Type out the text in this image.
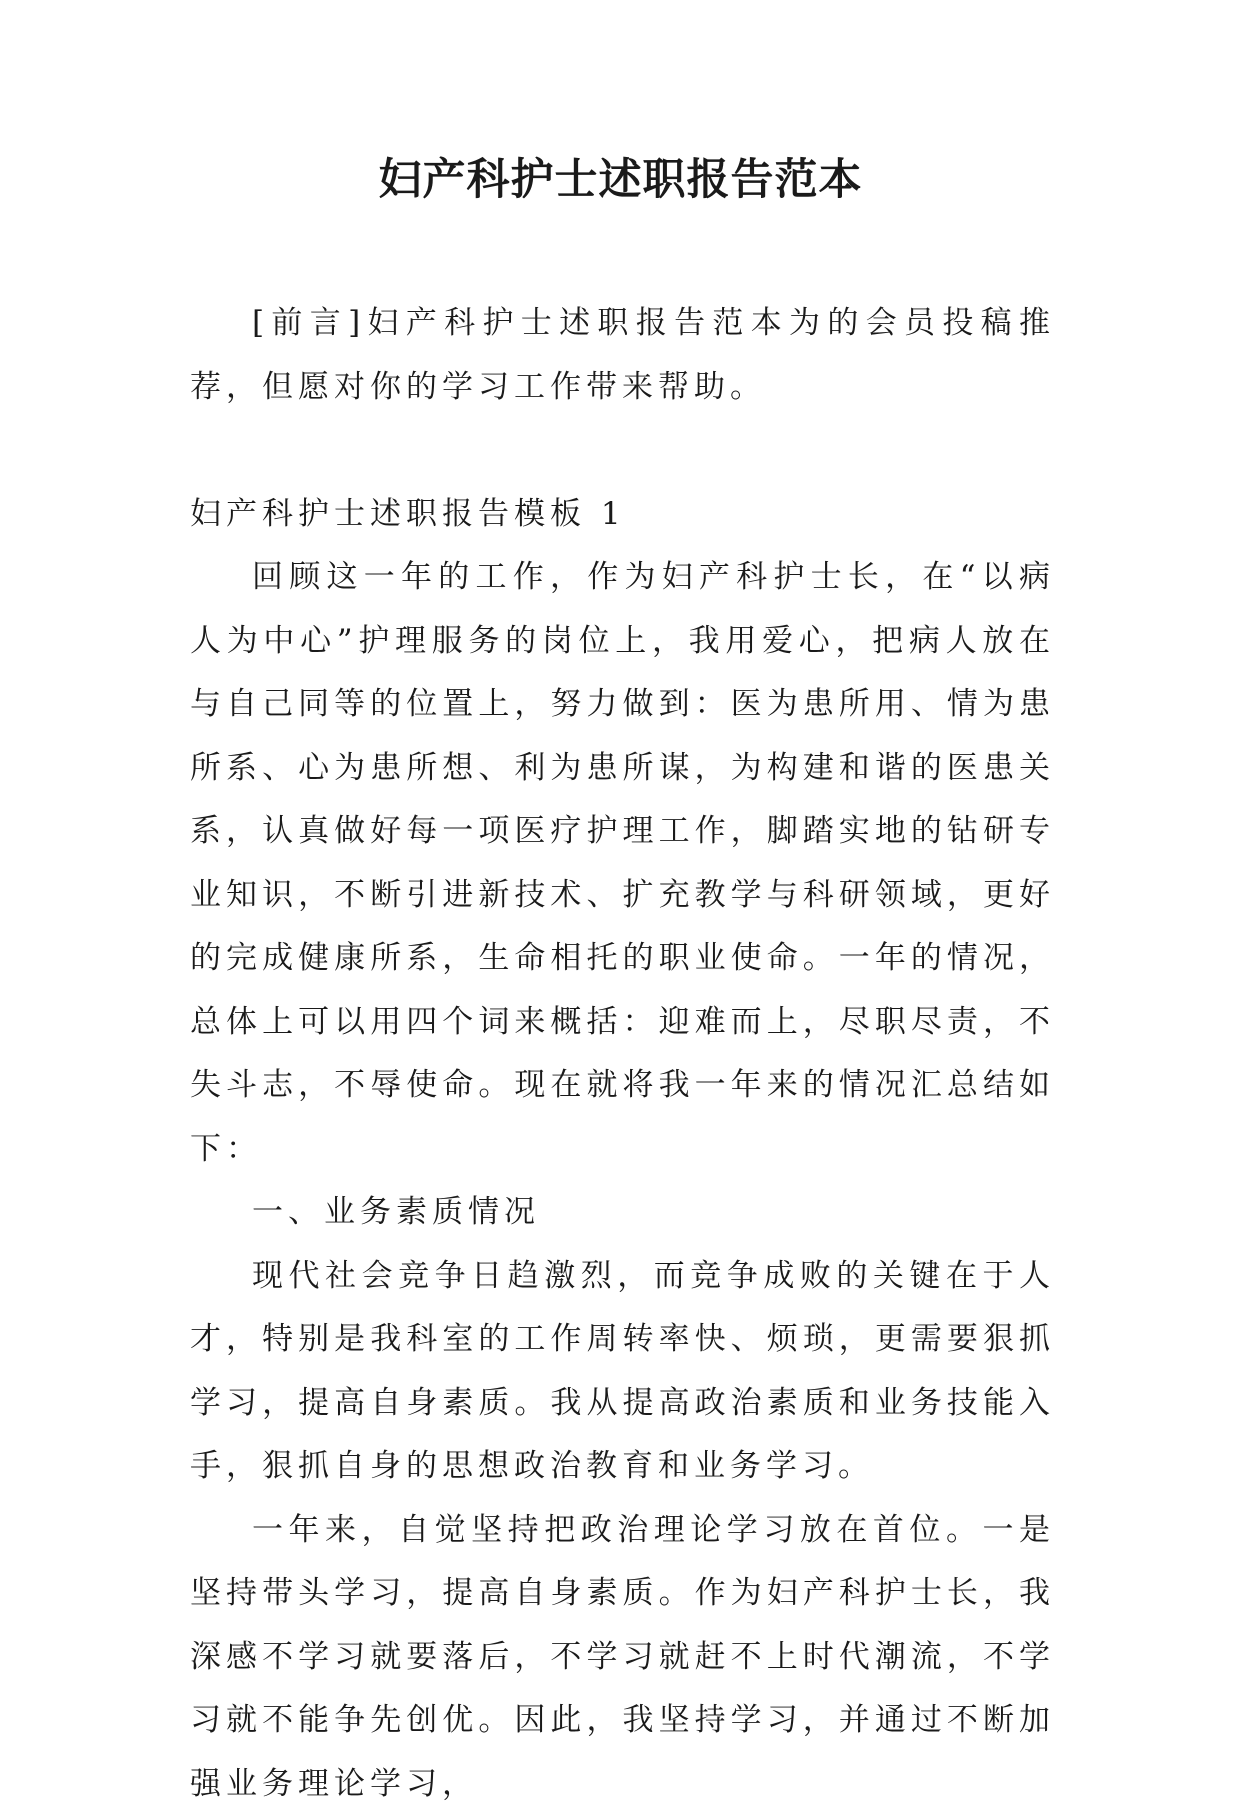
妇产科护士述职报告范本

[前言]妇产科护士述职报告范本为的会员投稿推荐，但愿对你的学习工作带来帮助。

妇产科护士述职报告模板 1

回顾这一年的工作，作为妇产科护士长，在“以病人为中心”护理服务的岗位上，我用爱心，把病人放在与自己同等的位置上，努力做到：医为患所用、情为患所系、心为患所想、利为患所谋，为构建和谐的医患关系，认真做好每一项医疗护理工作，脚踏实地的钻研专业知识，不断引进新技术、扩充教学与科研领域，更好的完成健康所系，生命相托的职业使命。一年的情况，总体上可以用四个词来概括：迎难而上，尽职尽责，不失斗志，不辱使命。现在就将我一年来的情况汇总结如下：

一、业务素质情况

现代社会竞争日趋激烈，而竞争成败的关键在于人才，特别是我科室的工作周转率快、烦琐，更需要狠抓学习，提高自身素质。我从提高政治素质和业务技能入手，狠抓自身的思想政治教育和业务学习。

一年来，自觉坚持把政治理论学习放在首位。一是坚持带头学习，提高自身素质。作为妇产科护士长，我深感不学习就要落后，不学习就赶不上时代潮流，不学习就不能争先创优。因此，我坚持学习，并通过不断加强业务理论学习，
